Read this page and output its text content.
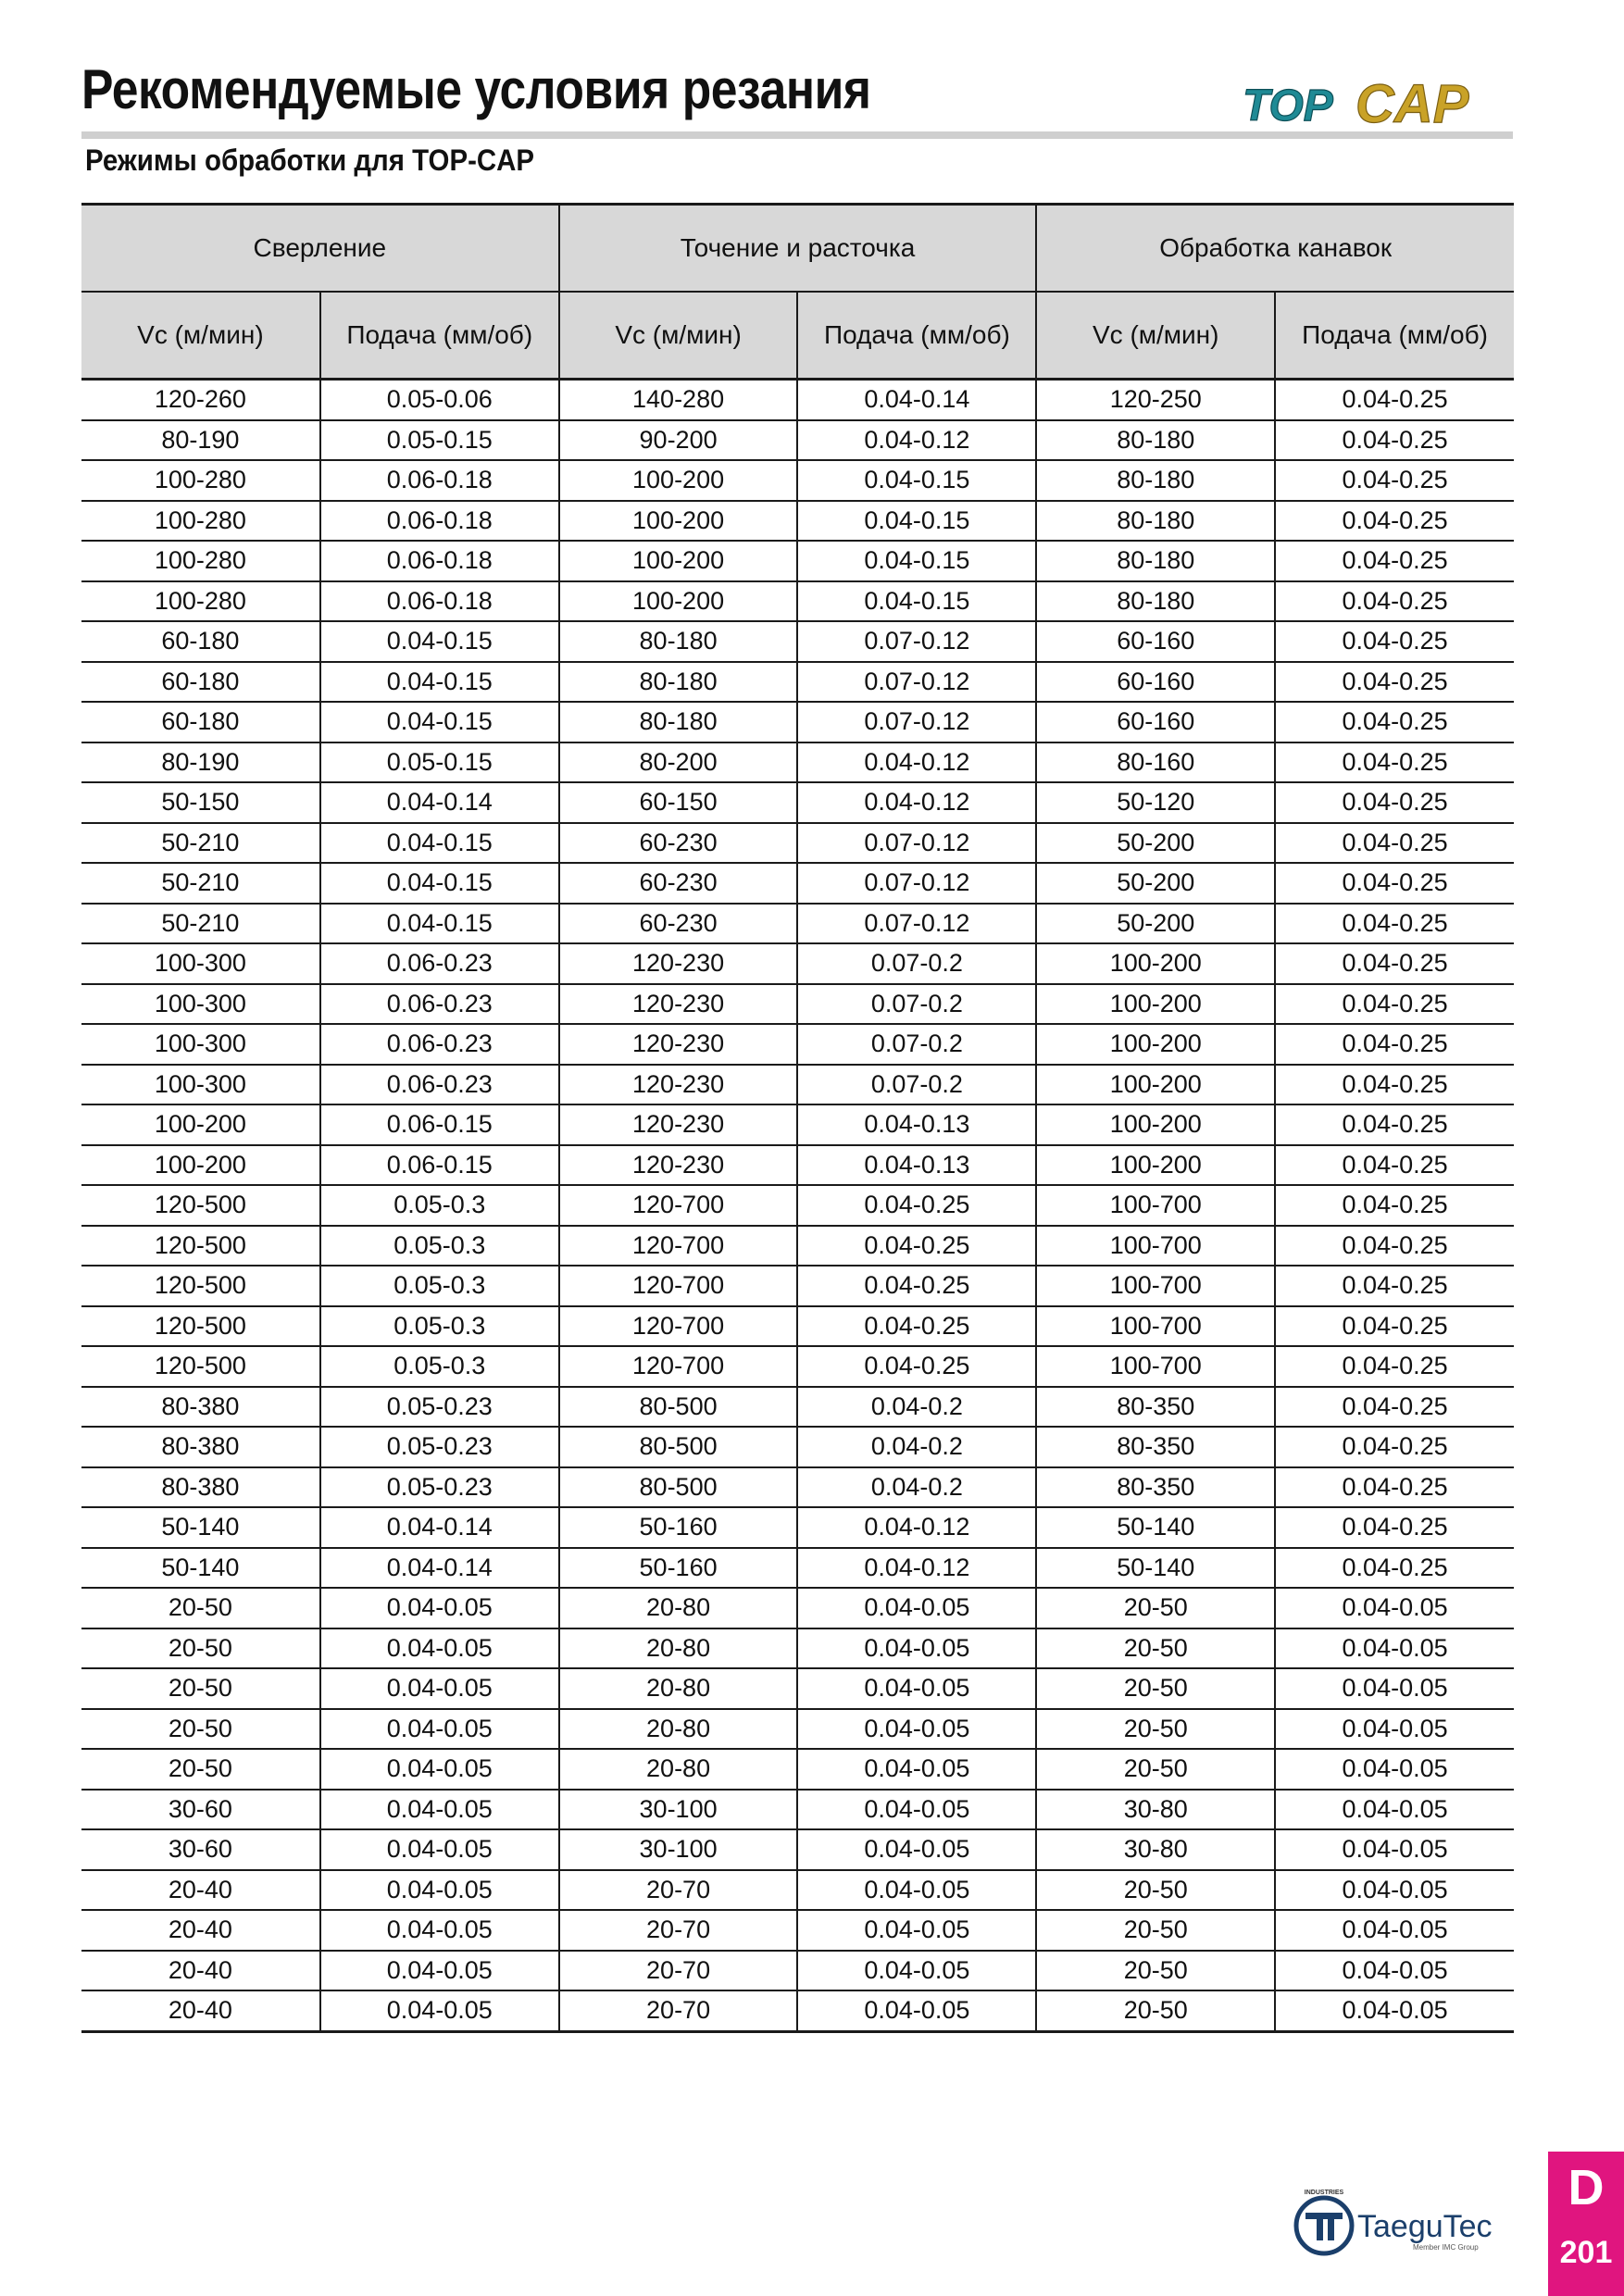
Рекомендуемые условия резания
Режимы обработки для TOP-CAP
TOP CAP
Сверление		Точение и расточка		Обработка канавок	
Vc (м/мин)	Подача (мм/об)	Vc (м/мин)	Подача (мм/об)	Vc (м/мин)	Подача (мм/об)
120-260	0.05-0.06	140-280	0.04-0.14	120-250	0.04-0.25
80-190	0.05-0.15	90-200	0.04-0.12	80-180	0.04-0.25
100-280	0.06-0.18	100-200	0.04-0.15	80-180	0.04-0.25
100-280	0.06-0.18	100-200	0.04-0.15	80-180	0.04-0.25
100-280	0.06-0.18	100-200	0.04-0.15	80-180	0.04-0.25
100-280	0.06-0.18	100-200	0.04-0.15	80-180	0.04-0.25
60-180	0.04-0.15	80-180	0.07-0.12	60-160	0.04-0.25
60-180	0.04-0.15	80-180	0.07-0.12	60-160	0.04-0.25
60-180	0.04-0.15	80-180	0.07-0.12	60-160	0.04-0.25
80-190	0.05-0.15	80-200	0.04-0.12	80-160	0.04-0.25
50-150	0.04-0.14	60-150	0.04-0.12	50-120	0.04-0.25
50-210	0.04-0.15	60-230	0.07-0.12	50-200	0.04-0.25
50-210	0.04-0.15	60-230	0.07-0.12	50-200	0.04-0.25
50-210	0.04-0.15	60-230	0.07-0.12	50-200	0.04-0.25
100-300	0.06-0.23	120-230	0.07-0.2	100-200	0.04-0.25
100-300	0.06-0.23	120-230	0.07-0.2	100-200	0.04-0.25
100-300	0.06-0.23	120-230	0.07-0.2	100-200	0.04-0.25
100-300	0.06-0.23	120-230	0.07-0.2	100-200	0.04-0.25
100-200	0.06-0.15	120-230	0.04-0.13	100-200	0.04-0.25
100-200	0.06-0.15	120-230	0.04-0.13	100-200	0.04-0.25
120-500	0.05-0.3	120-700	0.04-0.25	100-700	0.04-0.25
120-500	0.05-0.3	120-700	0.04-0.25	100-700	0.04-0.25
120-500	0.05-0.3	120-700	0.04-0.25	100-700	0.04-0.25
120-500	0.05-0.3	120-700	0.04-0.25	100-700	0.04-0.25
120-500	0.05-0.3	120-700	0.04-0.25	100-700	0.04-0.25
80-380	0.05-0.23	80-500	0.04-0.2	80-350	0.04-0.25
80-380	0.05-0.23	80-500	0.04-0.2	80-350	0.04-0.25
80-380	0.05-0.23	80-500	0.04-0.2	80-350	0.04-0.25
50-140	0.04-0.14	50-160	0.04-0.12	50-140	0.04-0.25
50-140	0.04-0.14	50-160	0.04-0.12	50-140	0.04-0.25
20-50	0.04-0.05	20-80	0.04-0.05	20-50	0.04-0.05
20-50	0.04-0.05	20-80	0.04-0.05	20-50	0.04-0.05
20-50	0.04-0.05	20-80	0.04-0.05	20-50	0.04-0.05
20-50	0.04-0.05	20-80	0.04-0.05	20-50	0.04-0.05
20-50	0.04-0.05	20-80	0.04-0.05	20-50	0.04-0.05
30-60	0.04-0.05	30-100	0.04-0.05	30-80	0.04-0.05
30-60	0.04-0.05	30-100	0.04-0.05	30-80	0.04-0.05
20-40	0.04-0.05	20-70	0.04-0.05	20-50	0.04-0.05
20-40	0.04-0.05	20-70	0.04-0.05	20-50	0.04-0.05
20-40	0.04-0.05	20-70	0.04-0.05	20-50	0.04-0.05
20-40	0.04-0.05	20-70	0.04-0.05	20-50	0.04-0.05
INDUSTRIES
TaeguTec
Member IMC Group
D
201
